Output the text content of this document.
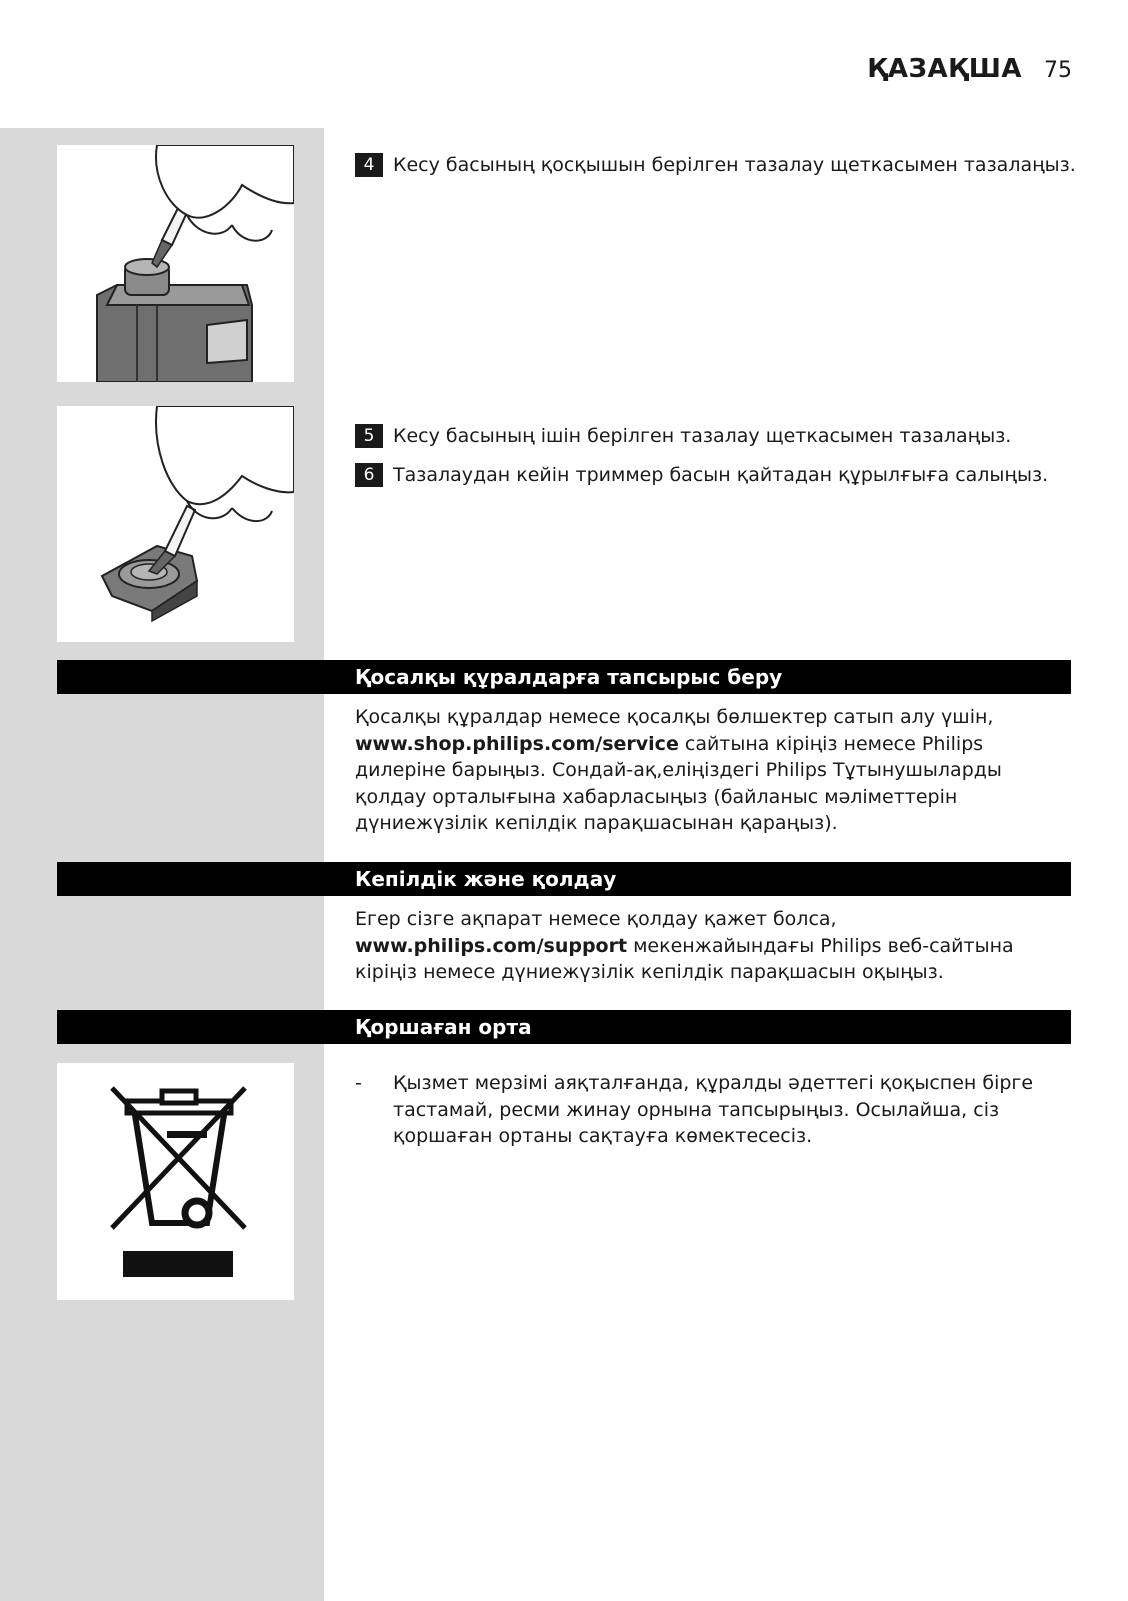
ҚАЗАҚША 75
4 Кесу басының қосқышын берілген тазалау щеткасымен тазалаңыз.
5 Кесу басының ішін берілген тазалау щеткасымен тазалаңыз.
6 Тазалаудан кейін триммер басын қайтадан құрылғыға салыңыз.
Қосалқы құралдарға тапсырыс беру
Қосалқы құралдар немесе қосалқы бөлшектер сатып алу үшін,
www.shop.philips.com/service сайтына кіріңіз немесе Philips дилеріне барыңыз. Сондай-ақ,еліңіздегі Philips Тұтынушыларды қолдау орталығына хабарласыңыз (байланыс мәліметтерін дүниежүзілік кепілдік парақшасынан қараңыз).
Кепілдік және қолдау
Егер сізге ақпарат немесе қолдау қажет болса, www.philips.com/support мекенжайындағы Philips веб-сайтына кіріңіз немесе дүниежүзілік кепілдік парақшасын оқыңыз.
Қоршаған орта
-	Қызмет мерзімі аяқталғанда, құралды әдеттегі қоқыспен бірге тастамай, ресми жинау орнына тапсырыңыз. Осылайша, сіз қоршаған ортаны сақтауға көмектесесіз.
